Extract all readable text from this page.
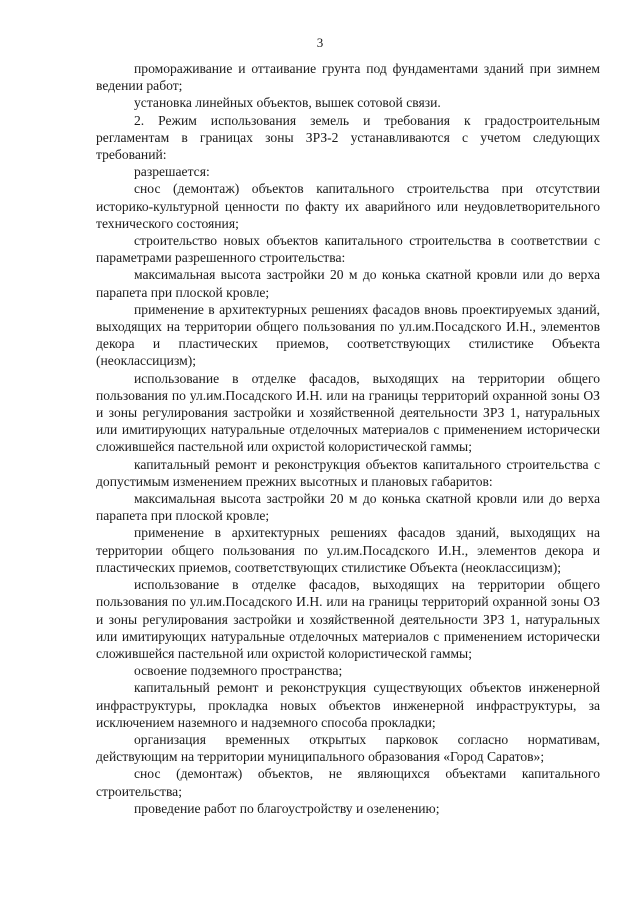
3

промораживание и оттаивание грунта под фундаментами зданий при зимнем ведении работ;

установка линейных объектов, вышек сотовой связи.

2. Режим использования земель и требования к градостроительным регламентам в границах зоны ЗРЗ-2 устанавливаются с учетом следующих требований:

разрешается:

снос (демонтаж) объектов капитального строительства при отсутствии историко-культурной ценности по факту их аварийного или неудовлетворительного технического состояния;

строительство новых объектов капитального строительства в соответствии с параметрами разрешенного строительства:

максимальная высота застройки 20 м до конька скатной кровли или до верха парапета при плоской кровле;

применение в архитектурных решениях фасадов вновь проектируемых зданий, выходящих на территории общего пользования по ул.им.Посадского И.Н., элементов декора и пластических приемов, соответствующих стилистике Объекта (неоклассицизм);

использование в отделке фасадов, выходящих на территории общего пользования по ул.им.Посадского И.Н. или на границы территорий охранной зоны ОЗ и зоны регулирования застройки и хозяйственной деятельности ЗРЗ 1, натуральных или имитирующих натуральные отделочных материалов с применением исторически сложившейся пастельной или охристой колористической гаммы;

капитальный ремонт и реконструкция объектов капитального строительства с допустимым изменением прежних высотных и плановых габаритов:

максимальная высота застройки 20 м до конька скатной кровли или до верха парапета при плоской кровле;

применение в архитектурных решениях фасадов зданий, выходящих на территории общего пользования по ул.им.Посадского И.Н., элементов декора и пластических приемов, соответствующих стилистике Объекта (неоклассицизм);

использование в отделке фасадов, выходящих на территории общего пользования по ул.им.Посадского И.Н. или на границы территорий охранной зоны ОЗ и зоны регулирования застройки и хозяйственной деятельности ЗРЗ 1, натуральных или имитирующих натуральные отделочных материалов с применением исторически сложившейся пастельной или охристой колористической гаммы;

освоение подземного пространства;

капитальный ремонт и реконструкция существующих объектов инженерной инфраструктуры, прокладка новых объектов инженерной инфраструктуры, за исключением наземного и надземного способа прокладки;

организация временных открытых парковок согласно нормативам, действующим на территории муниципального образования «Город Саратов»;

снос (демонтаж) объектов, не являющихся объектами капитального строительства;

проведение работ по благоустройству и озеленению;
